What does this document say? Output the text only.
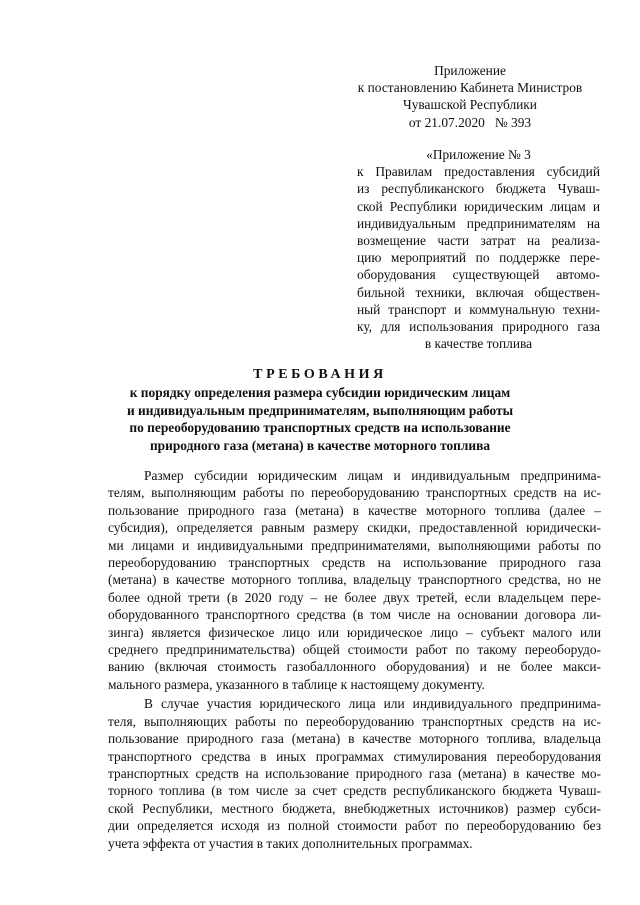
Приложение
к постановлению Кабинета Министров
Чувашской Республики
от 21.07.2020   № 393
«Приложение № 3
к Правилам предоставления субсидий
из республиканского бюджета Чуваш-
ской Республики юридическим лицам и
индивидуальным предпринимателям на
возмещение части затрат на реализа-
цию мероприятий по поддержке пере-
оборудования существующей автомо-
бильной техники, включая обществен-
ный транспорт и коммунальную техни-
ку, для использования природного газа
в качестве топлива
ТРЕБОВАНИЯ
к порядку определения размера субсидии юридическим лицам
и индивидуальным предпринимателям, выполняющим работы
по переоборудованию транспортных средств на использование
природного газа (метана) в качестве моторного топлива
Размер субсидии юридическим лицам и индивидуальным предпринима-
телям, выполняющим работы по переоборудованию транспортных средств на ис-
пользование природного газа (метана) в качестве моторного топлива (далее –
субсидия), определяется равным размеру скидки, предоставленной юридически-
ми лицами и индивидуальными предпринимателями, выполняющими работы по
переоборудованию транспортных средств на использование природного газа
(метана) в качестве моторного топлива, владельцу транспортного средства, но не
более одной трети (в 2020 году – не более двух третей, если владельцем пере-
оборудованного транспортного средства (в том числе на основании договора ли-
зинга) является физическое лицо или юридическое лицо – субъект малого или
среднего предпринимательства) общей стоимости работ по такому переоборудо-
ванию (включая стоимость газобаллонного оборудования) и не более макси-
мального размера, указанного в таблице к настоящему документу.
В случае участия юридического лица или индивидуального предпринима-
теля, выполняющих работы по переоборудованию транспортных средств на ис-
пользование природного газа (метана) в качестве моторного топлива, владельца
транспортного средства в иных программах стимулирования переоборудования
транспортных средств на использование природного газа (метана) в качестве мо-
торного топлива (в том числе за счет средств республиканского бюджета Чуваш-
ской Республики, местного бюджета, внебюджетных источников) размер субси-
дии определяется исходя из полной стоимости работ по переоборудованию без
учета эффекта от участия в таких дополнительных программах.
